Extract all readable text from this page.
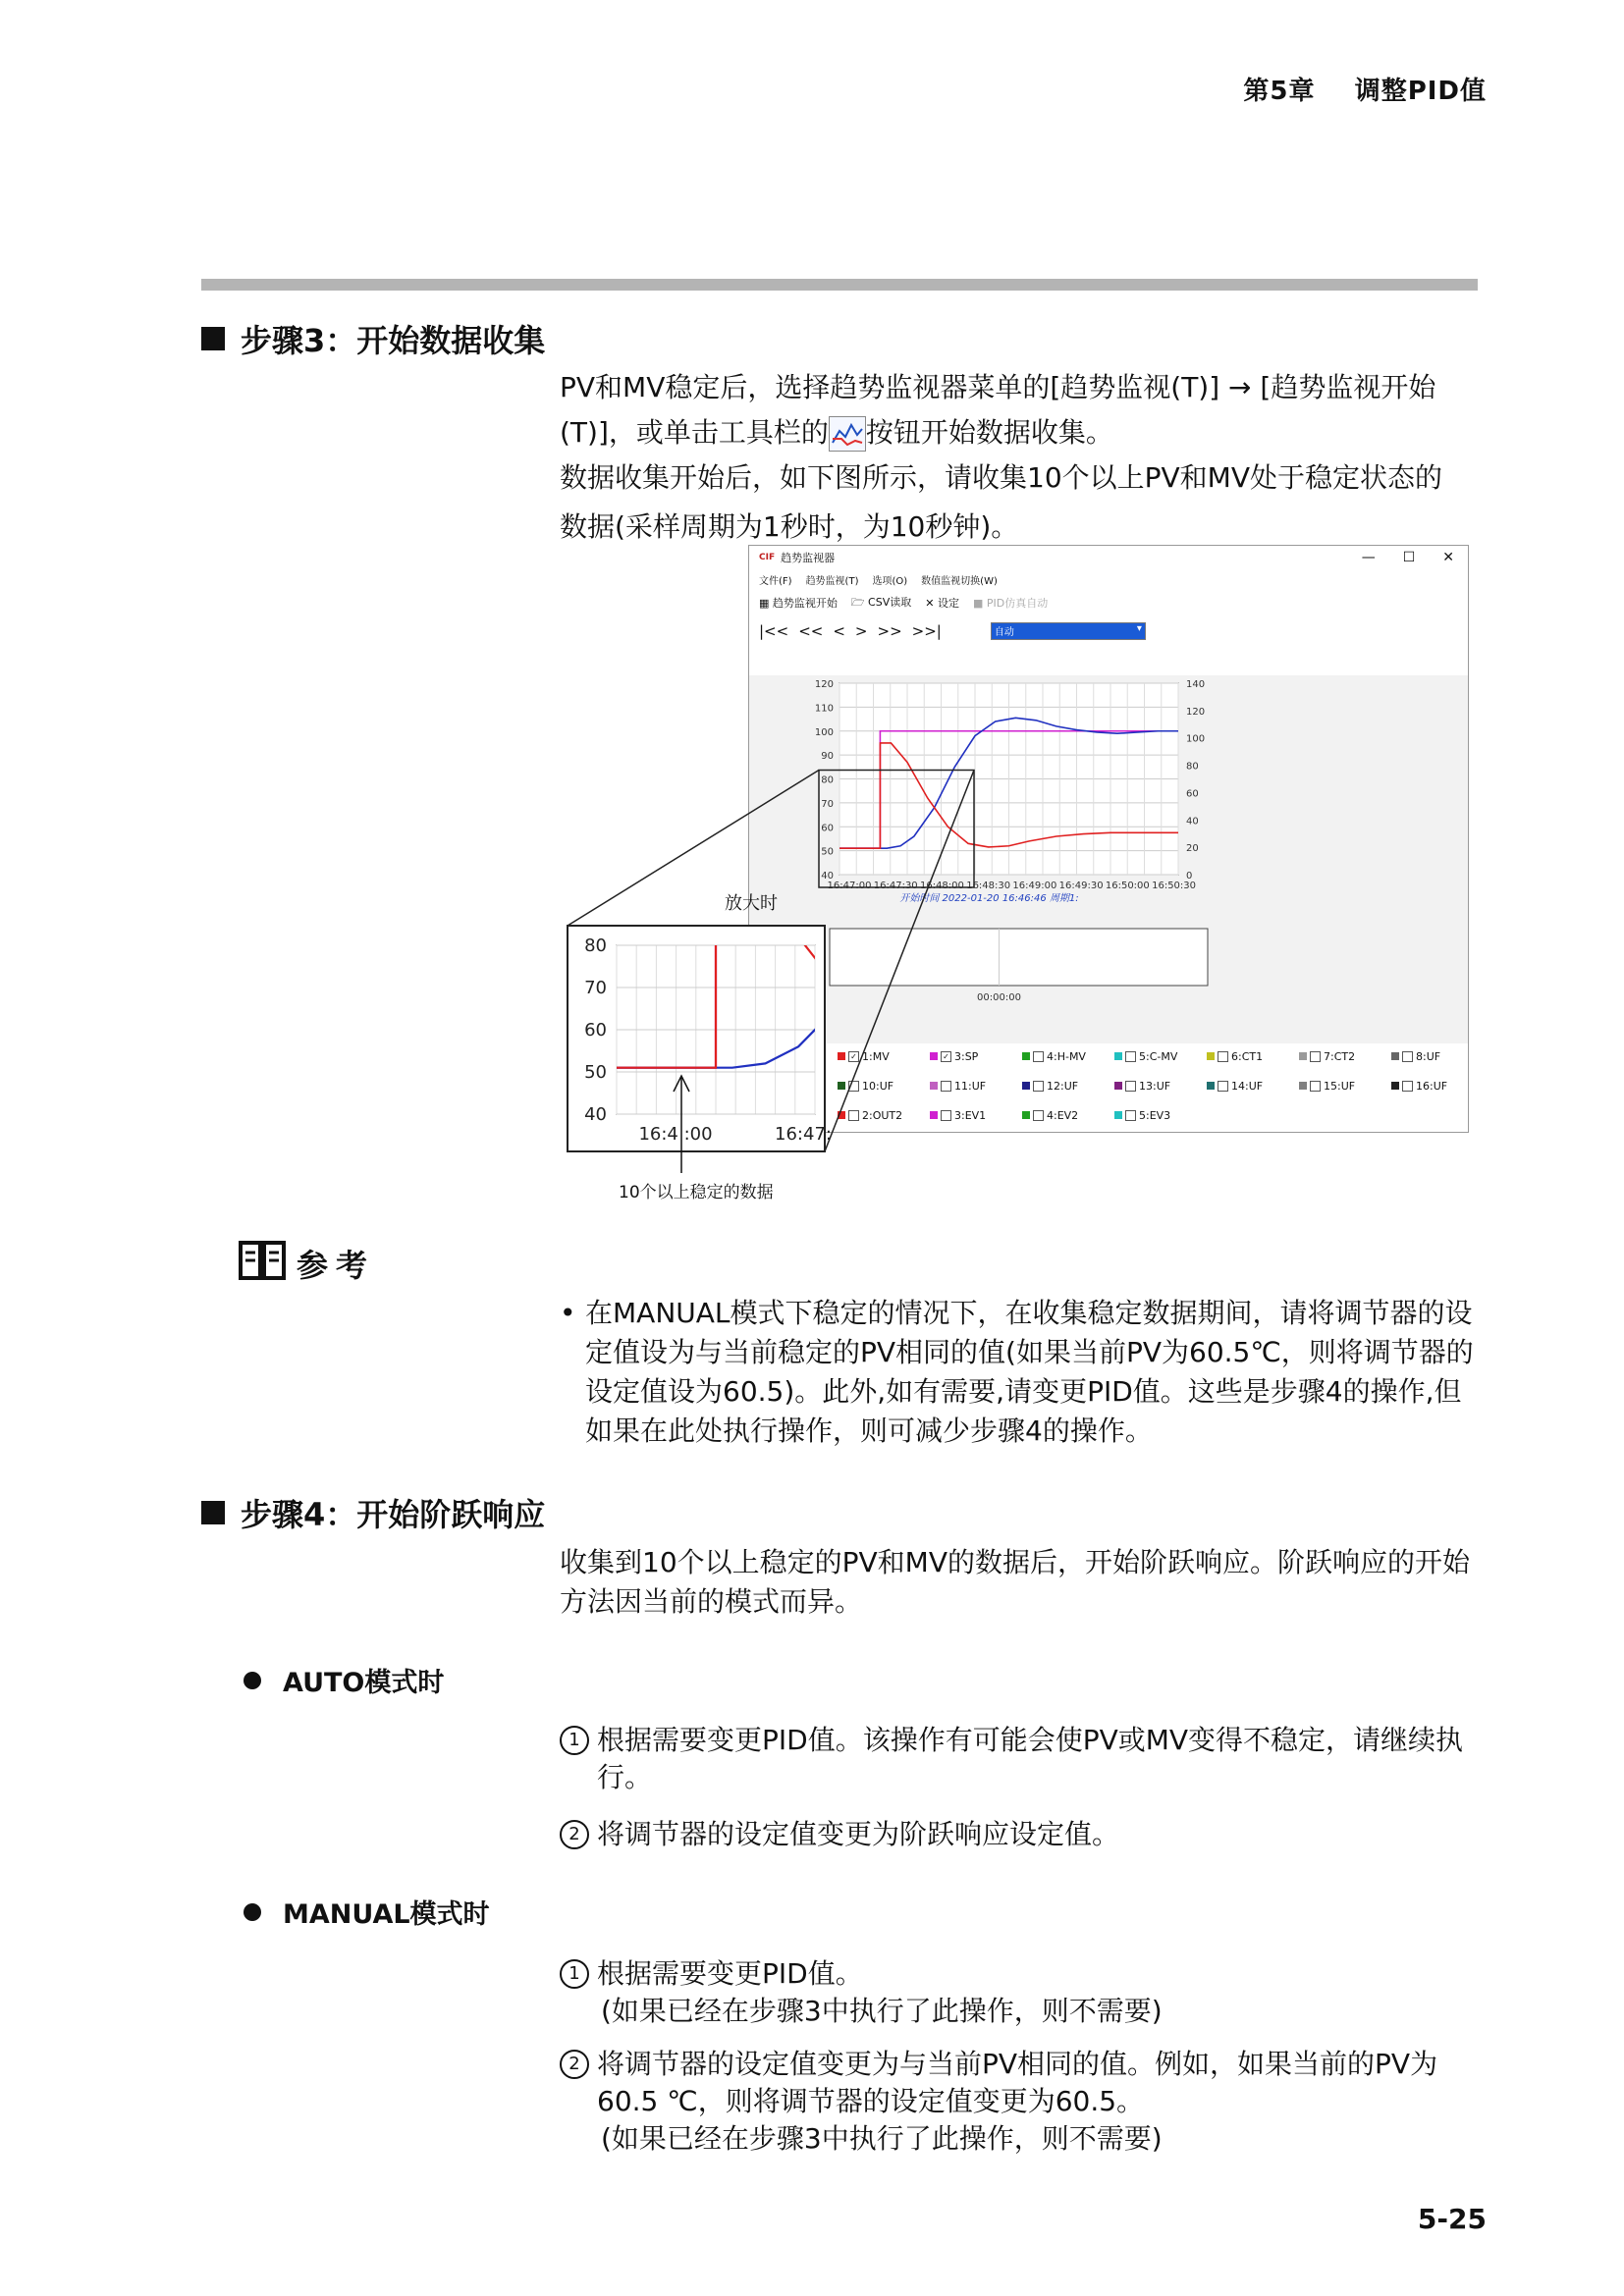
第5章 调整PID值
步骤3：开始数据收集
PV和MV稳定后，选择趋势监视器菜单的[趋势监视(T)] → [趋势监视开始
(T)]，或单击工具栏的 按钮开始数据收集。
数据收集开始后，如下图所示，请收集10个以上PV和MV处于稳定状态的
数据(采样周期为1秒时，为10秒钟)。
CIF 趋势监视器	— ☐ ✕
文件(F) 趋势监视(T) 选项(O) 数值监视切换(W)
▦ 趋势监视开始 🗁 CSV读取 ✕ 设定 ■ PID仿真自动
|<< << < > >> >>|	自动	▾
40
50
60
70
80
90
100
110
120
0
20
40
60
80
100
120
140
16:47:00 16:47:30 16:48:00 16:48:30 16:49:00 16:49:30 16:50:00 16:50:30
开始时间 2022-01-20 16:46:46 周期1:
00:00:00
✓ 1:MV	✓ 3:SP	4:H-MV	5:C-MV	6:CT1	7:CT2	8:UF
10:UF	11:UF	12:UF	13:UF	14:UF	15:UF	16:UF
2:OUT2	3:EV1	4:EV2	5:EV3
40
50
60
70
80
16:4 :00	16:47:
放大时
10个以上稳定的数据
参考
• 在MANUAL模式下稳定的情况下，在收集稳定数据期间，请将调节器的设定值设为与当前稳定的PV相同的值(如果当前PV为60.5℃，则将调节器的设定值设为60.5)。此外,如有需要,请变更PID值。这些是步骤4的操作,但如果在此处执行操作，则可减少步骤4的操作。
步骤4：开始阶跃响应
收集到10个以上稳定的PV和MV的数据后，开始阶跃响应。阶跃响应的开始方法因当前的模式而异。
AUTO模式时
1 根据需要变更PID值。该操作有可能会使PV或MV变得不稳定，请继续执行。
2 将调节器的设定值变更为阶跃响应设定值。
MANUAL模式时
1 根据需要变更PID值。
(如果已经在步骤3中执行了此操作，则不需要)
2 将调节器的设定值变更为与当前PV相同的值。例如，如果当前的PV为60.5 ℃，则将调节器的设定值变更为60.5。
(如果已经在步骤3中执行了此操作，则不需要)
5-25
